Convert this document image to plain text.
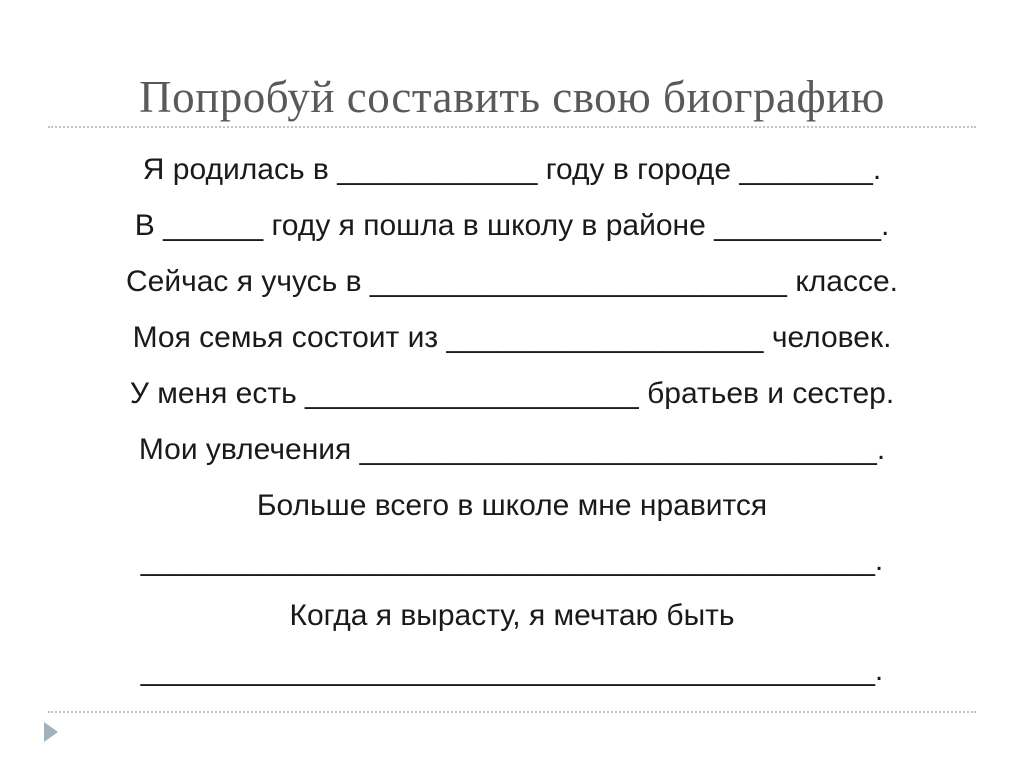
Попробуй составить свою биографию
Я родилась в ____________ году в городе ________.
В ______ году я пошла в школу в районе __________.
Сейчас я учусь в _________________________ классе.
Моя семья состоит из ___________________ человек.
У меня есть ____________________ братьев и сестер.
Мои увлечения _______________________________.
Больше всего в школе мне нравится
____________________________________________.
Когда я вырасту, я мечтаю быть
____________________________________________.
